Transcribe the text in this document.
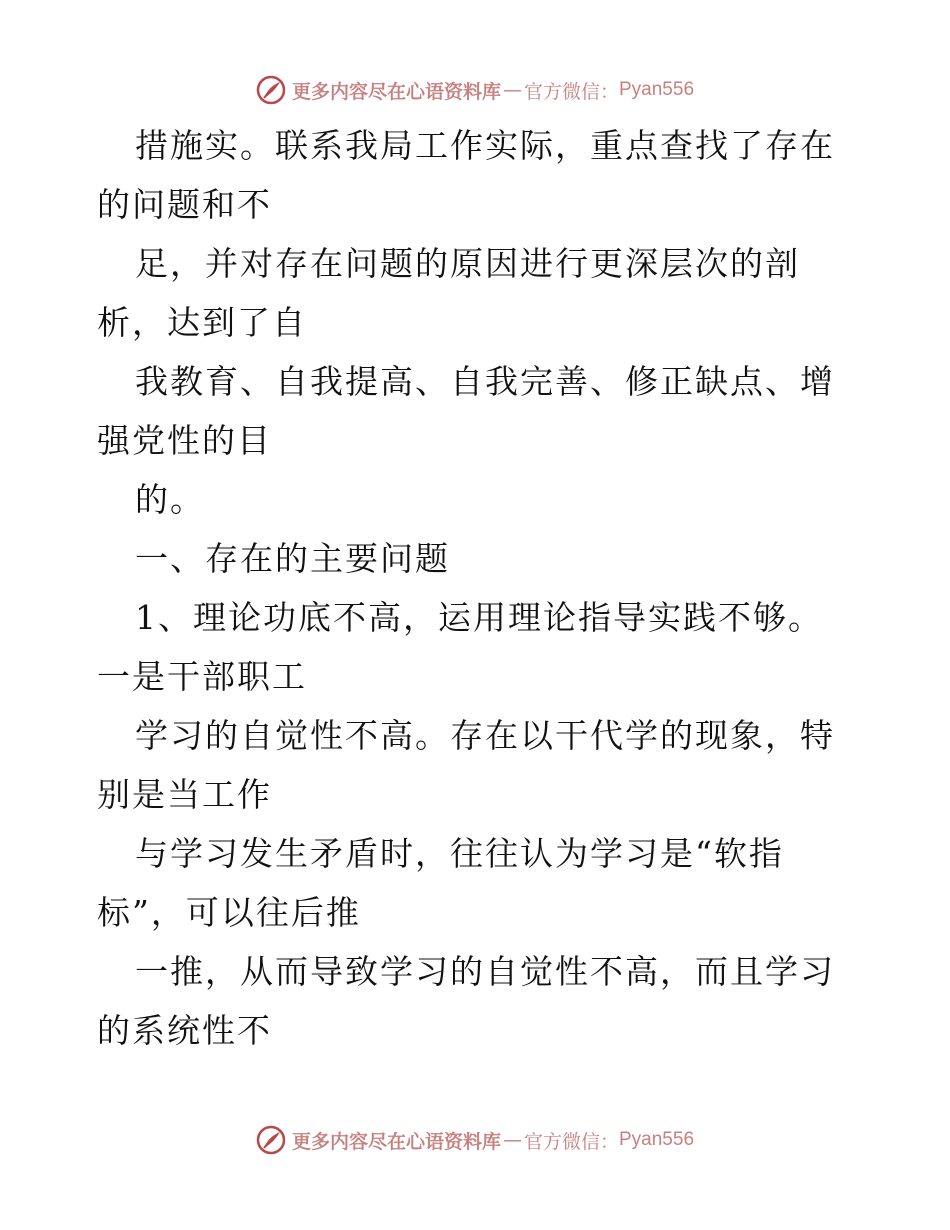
更多内容尽在心语资料库 — 官方微信： Pyan556

措施实。联系我局工作实际，重点查找了存在的问题和不

足，并对存在问题的原因进行更深层次的剖析，达到了自

我教育、自我提高、自我完善、修正缺点、增强党性的目

的。

一、存在的主要问题

1、理论功底不高，运用理论指导实践不够。一是干部职工

学习的自觉性不高。存在以干代学的现象，特别是当工作

与学习发生矛盾时，往往认为学习是“软指标”，可以往后推

一推，从而导致学习的自觉性不高，而且学习的系统性不

更多内容尽在心语资料库 — 官方微信： Pyan556
